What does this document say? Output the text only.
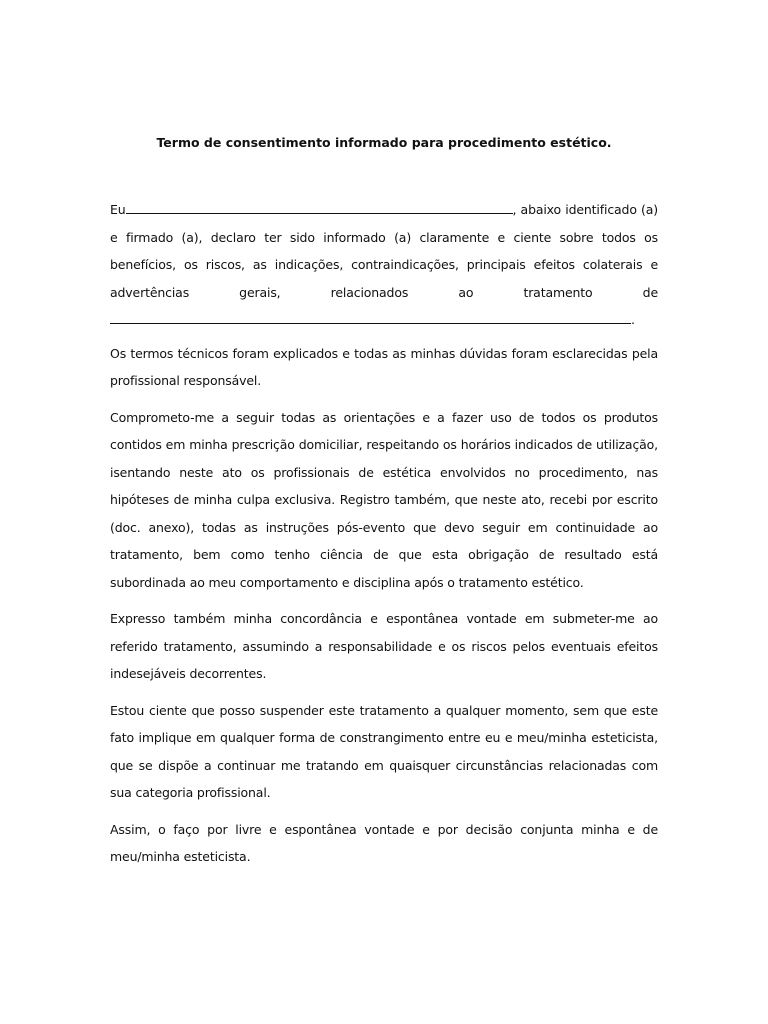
Termo de consentimento informado para procedimento estético.

Eu	, abaixo identificado (a) e firmado (a), declaro ter sido informado (a) claramente e ciente sobre todos os benefícios, os riscos, as indicações, contraindicações, principais efeitos colaterais e advertências gerais, relacionados ao tratamento de.

Os termos técnicos foram explicados e todas as minhas dúvidas foram esclarecidas pela profissional responsável.

Comprometo-me a seguir todas as orientações e a fazer uso de todos os produtos contidos em minha prescrição domiciliar, respeitando os horários indicados de utilização, isentando neste ato os profissionais de estética envolvidos no procedimento, nas hipóteses de minha culpa exclusiva. Registro também, que neste ato, recebi por escrito (doc. anexo), todas as instruções pós-evento que devo seguir em continuidade ao tratamento, bem como tenho ciência de que esta obrigação de resultado está subordinada ao meu comportamento e disciplina após o tratamento estético.

Expresso também minha concordância e espontânea vontade em submeter-me ao referido tratamento, assumindo a responsabilidade e os riscos pelos eventuais efeitos indesejáveis decorrentes.

Estou ciente que posso suspender este tratamento a qualquer momento, sem que este fato implique em qualquer forma de constrangimento entre eu e meu/minha esteticista, que se dispõe a continuar me tratando em quaisquer circunstâncias relacionadas com sua categoria profissional.

Assim, o faço por livre e espontânea vontade e por decisão conjunta minha e de meu/minha esteticista.
